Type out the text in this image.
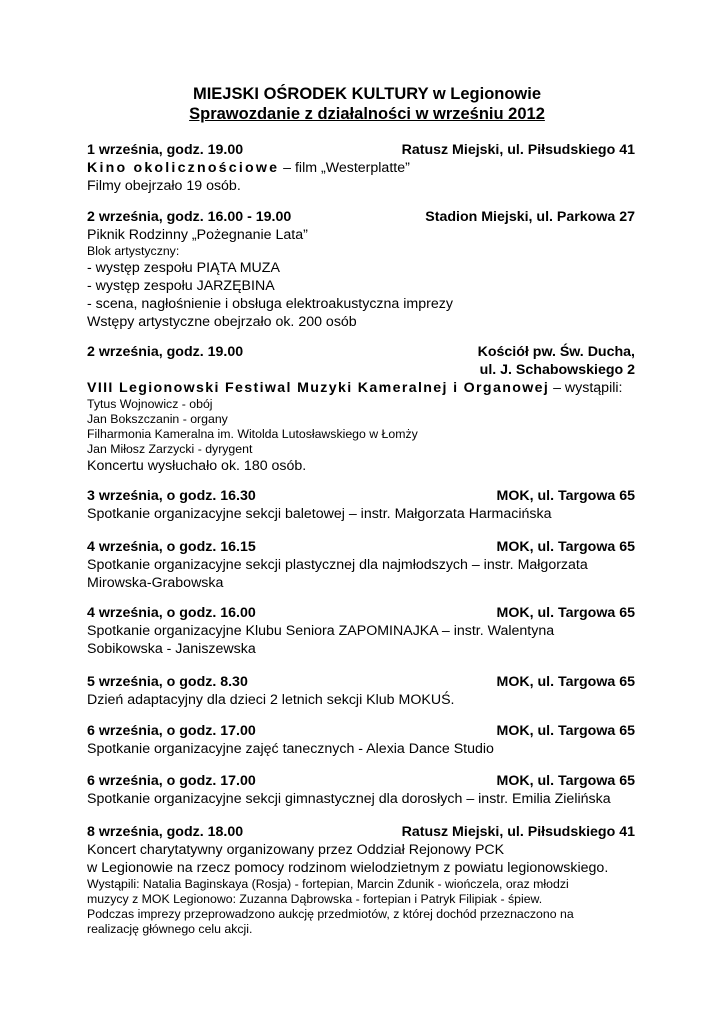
MIEJSKI OŚRODEK KULTURY w Legionowie
Sprawozdanie z działalności w wrześniu 2012
1 września, godz. 19.00	Ratusz Miejski, ul. Piłsudskiego 41
Kino okolicznościowe – film „Westerplatte”
Filmy obejrzało 19 osób.
2 września, godz. 16.00 - 19.00	Stadion Miejski, ul. Parkowa 27
Piknik Rodzinny „Pożegnanie Lata”
Blok artystyczny:
- występ zespołu PIĄTA MUZA
- występ zespołu JARZĘBINA
- scena, nagłośnienie i obsługa elektroakustyczna imprezy
Wstępy artystyczne obejrzało ok. 200 osób
2 września, godz. 19.00	Kościół pw. Św. Ducha,
ul. J. Schabowskiego 2
VIII Legionowski Festiwal Muzyki Kameralnej i Organowej – wystąpili:
Tytus Wojnowicz - obój
Jan Bokszczanin - organy
Filharmonia Kameralna im. Witolda Lutosławskiego w Łomży
Jan Miłosz Zarzycki - dyrygent
Koncertu wysłuchało ok. 180 osób.
3 września, o godz. 16.30	MOK, ul. Targowa 65
Spotkanie organizacyjne sekcji baletowej – instr. Małgorzata Harmacińska
4 września, o godz. 16.15	MOK, ul. Targowa 65
Spotkanie organizacyjne sekcji plastycznej dla najmłodszych – instr. Małgorzata
Mirowska-Grabowska
4 września, o godz. 16.00	MOK, ul. Targowa 65
Spotkanie organizacyjne Klubu Seniora ZAPOMINAJKA – instr. Walentyna
Sobikowska - Janiszewska
5 września, o godz. 8.30	MOK, ul. Targowa 65
Dzień adaptacyjny dla dzieci 2 letnich sekcji Klub MOKUŚ.
6 września, o godz. 17.00	MOK, ul. Targowa 65
Spotkanie organizacyjne zajęć tanecznych - Alexia Dance Studio
6 września, o godz. 17.00	MOK, ul. Targowa 65
Spotkanie organizacyjne sekcji gimnastycznej dla dorosłych – instr. Emilia Zielińska
8 września, godz. 18.00	Ratusz Miejski, ul. Piłsudskiego 41
Koncert charytatywny organizowany przez Oddział Rejonowy PCK
w Legionowie na rzecz pomocy rodzinom wielodzietnym z powiatu legionowskiego.
Wystąpili: Natalia Baginskaya (Rosja) - fortepian, Marcin Zdunik - wiończela, oraz młodzi
muzycy z MOK Legionowo: Zuzanna Dąbrowska - fortepian i Patryk Filipiak - śpiew.
Podczas imprezy przeprowadzono aukcję przedmiotów, z której dochód przeznaczono na
realizację głównego celu akcji.
